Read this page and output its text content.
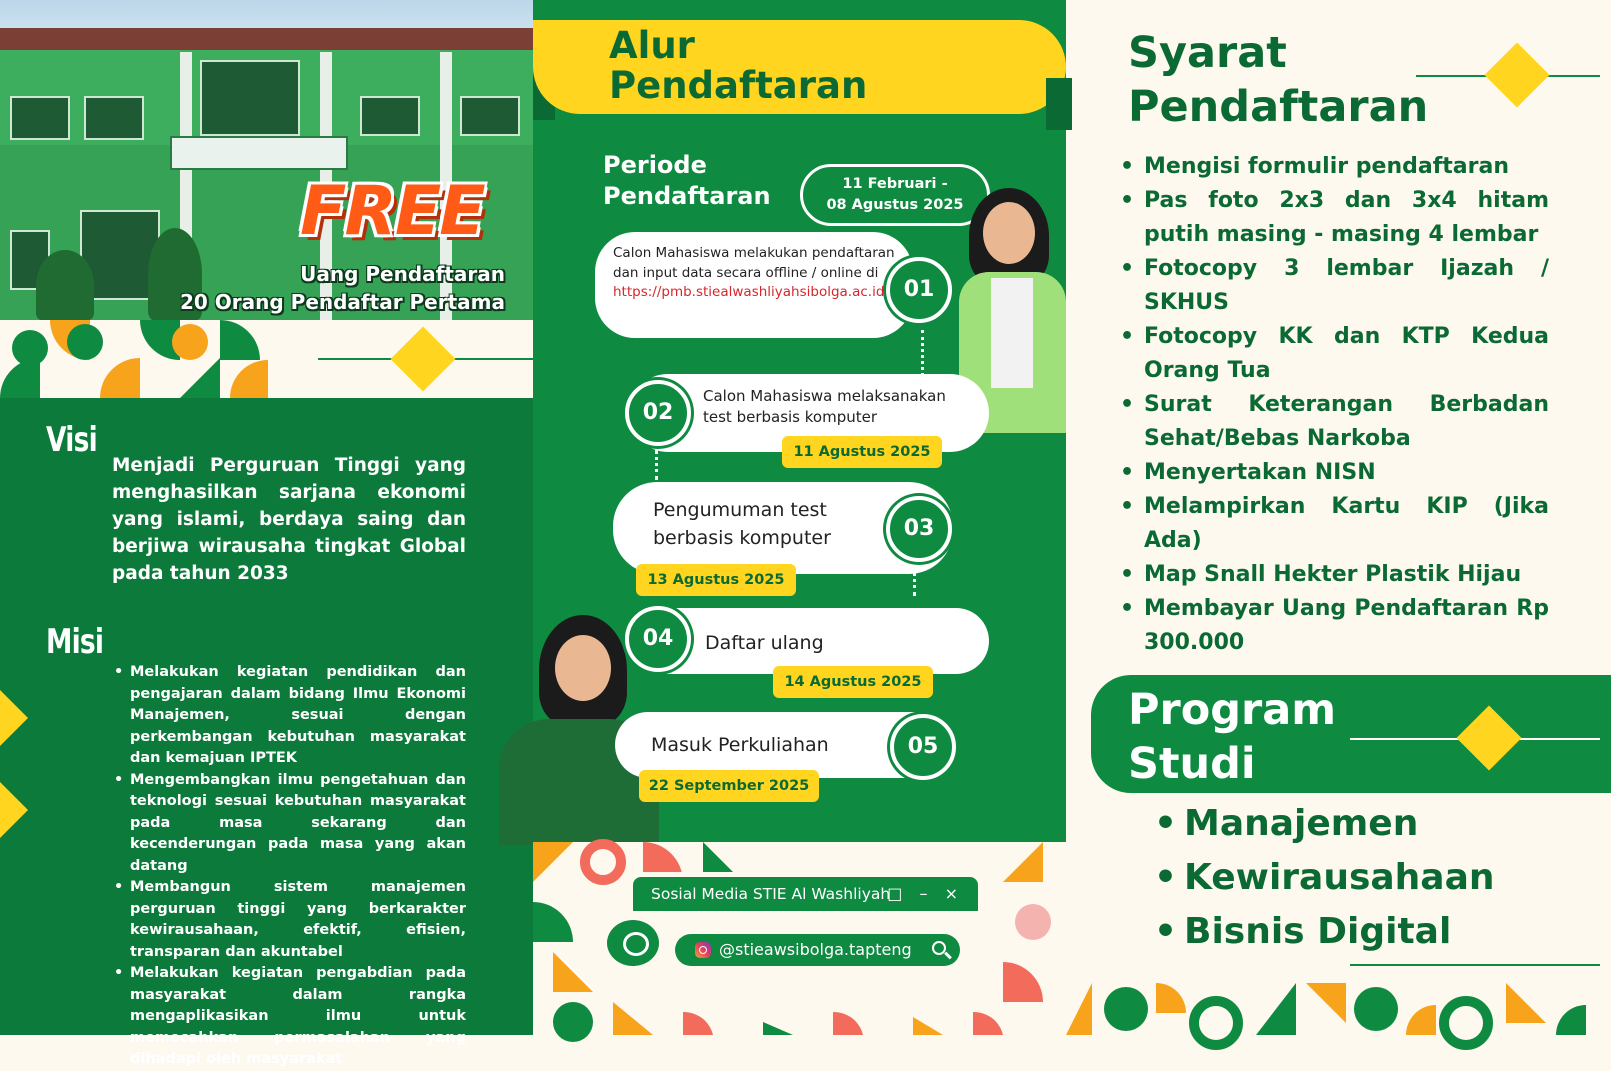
FREE
Uang Pendaftaran
20 Orang Pendaftar Pertama
Visi

Menjadi Perguruan Tinggi yang menghasilkan sarjana ekonomi yang islami, berdaya saing dan berjiwa wirausaha tingkat Global pada tahun 2033

Misi
• Melakukan kegiatan pendidikan dan pengajaran dalam bidang Ilmu Ekonomi Manajemen, sesuai dengan perkembangan kebutuhan masyarakat dan kemajuan IPTEK
• Mengembangkan ilmu pengetahuan dan teknologi sesuai kebutuhan masyarakat pada masa sekarang dan kecenderungan pada masa yang akan datang
• Membangun sistem manajemen perguruan tinggi yang berkarakter kewirausahaan, efektif, efisien, transparan dan akuntabel
• Melakukan kegiatan pengabdian pada masyarakat dalam rangka mengaplikasikan ilmu untuk memecahkan permasalahan yang dihadapi oleh masyarakat
Alur
Pendaftaran
Periode
Pendaftaran	11 Februari -
08 Agustus 2025
Calon Mahasiswa melakukan pendaftaran dan input data secara offline / online di
https://pmb.stiealwashliyahsibolga.ac.id 01
Calon Mahasiswa melaksanakan test berbasis komputer
02
11 Agustus 2025
Pengumuman test berbasis komputer	03
13 Agustus 2025
Daftar ulang
04
14 Agustus 2025
Masuk Perkuliahan	05
22 September 2025
Sosial Media STIE Al Washliyah
□ – ×
@stieawsibolga.tapteng
Syarat
Pendaftaran
• Mengisi formulir pendaftaran
• Pas foto 2x3 dan 3x4 hitam putih masing - masing 4 lembar
• Fotocopy 3 lembar Ijazah / SKHUS
• Fotocopy KK dan KTP Kedua Orang Tua
• Surat Keterangan Berbadan Sehat/Bebas Narkoba
• Menyertakan NISN
• Melampirkan Kartu KIP (Jika Ada)
• Map Snall Hekter Plastik Hijau
• Membayar Uang Pendaftaran Rp 300.000
Program
Studi
• Manajemen
• Kewirausahaan
• Bisnis Digital
